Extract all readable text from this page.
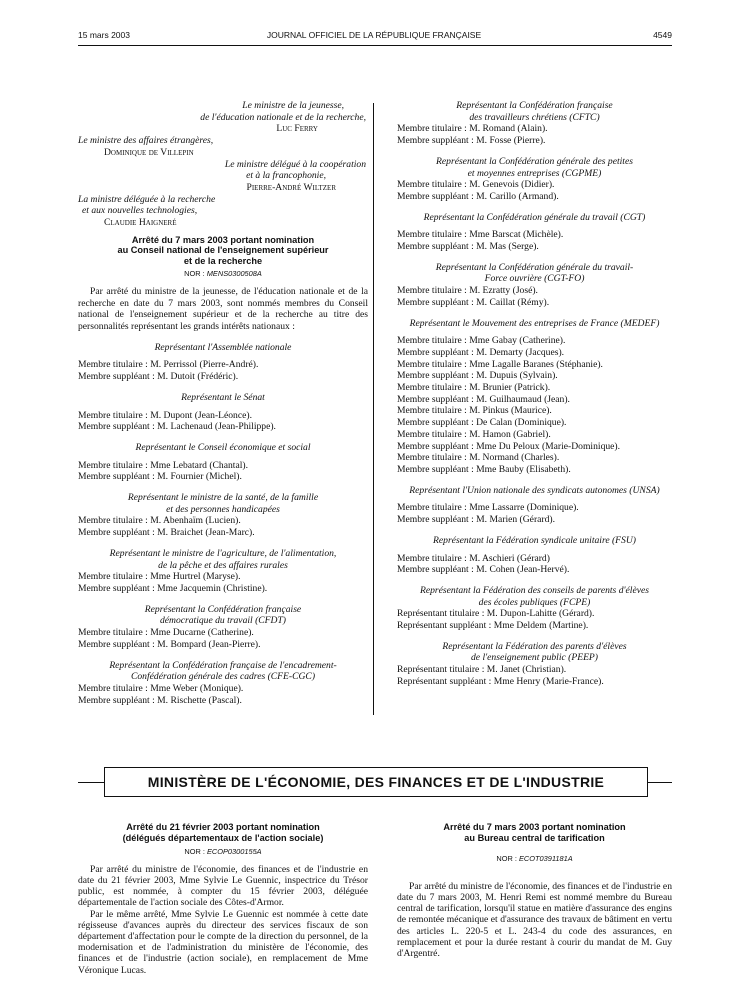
15 mars 2003	JOURNAL OFFICIEL DE LA RÉPUBLIQUE FRANÇAISE	4549

Le ministre de la jeunesse,

de l'éducation nationale et de la recherche,

Luc Ferry

Le ministre des affaires étrangères,

Dominique de Villepin

Le ministre délégué à la coopération

et à la francophonie,

Pierre-André Wiltzer

La ministre déléguée à la recherche

et aux nouvelles technologies,

Claudie Haigneré

Arrêté du 7 mars 2003 portant nomination

au Conseil national de l'enseignement supérieur

et de la recherche

NOR : MENS0300508A

Par arrêté du ministre de la jeunesse, de l'éducation nationale et de la recherche en date du 7 mars 2003, sont nommés membres du Conseil national de l'enseignement supérieur et de la recherche au titre des personnalités représentant les grands intérêts nationaux :

Représentant l'Assemblée nationale

Membre titulaire : M. Perrissol (Pierre-André).

Membre suppléant : M. Dutoit (Frédéric).

Représentant le Sénat

Membre titulaire : M. Dupont (Jean-Léonce).

Membre suppléant : M. Lachenaud (Jean-Philippe).

Représentant le Conseil économique et social

Membre titulaire : Mme Lebatard (Chantal).

Membre suppléant : M. Fournier (Michel).

Représentant le ministre de la santé, de la famille

et des personnes handicapées

Membre titulaire : M. Abenhaïm (Lucien).

Membre suppléant : M. Braichet (Jean-Marc).

Représentant le ministre de l'agriculture, de l'alimentation,

de la pêche et des affaires rurales

Membre titulaire : Mme Hurtrel (Maryse).

Membre suppléant : Mme Jacquemin (Christine).

Représentant la Confédération française

démocratique du travail (CFDT)

Membre titulaire : Mme Ducarne (Catherine).

Membre suppléant : M. Bompard (Jean-Pierre).

Représentant la Confédération française de l'encadrement-

Confédération générale des cadres (CFE-CGC)

Membre titulaire : Mme Weber (Monique).

Membre suppléant : M. Rischette (Pascal).

Représentant la Confédération française

des travailleurs chrétiens (CFTC)

Membre titulaire : M. Romand (Alain).

Membre suppléant : M. Fosse (Pierre).

Représentant la Confédération générale des petites

et moyennes entreprises (CGPME)

Membre titulaire : M. Genevois (Didier).

Membre suppléant : M. Carillo (Armand).

Représentant la Confédération générale du travail (CGT)

Membre titulaire : Mme Barscat (Michèle).

Membre suppléant : M. Mas (Serge).

Représentant la Confédération générale du travail-

Force ouvrière (CGT-FO)

Membre titulaire : M. Ezratty (José).

Membre suppléant : M. Caillat (Rémy).

Représentant le Mouvement des entreprises de France (MEDEF)

Membre titulaire : Mme Gabay (Catherine).

Membre suppléant : M. Demarty (Jacques).

Membre titulaire : Mme Lagalle Baranes (Stéphanie).

Membre suppléant : M. Dupuis (Sylvain).

Membre titulaire : M. Brunier (Patrick).

Membre suppléant : M. Guilhaumaud (Jean).

Membre titulaire : M. Pinkus (Maurice).

Membre suppléant : De Calan (Dominique).

Membre titulaire : M. Hamon (Gabriel).

Membre suppléant : Mme Du Peloux (Marie-Dominique).

Membre titulaire : M. Normand (Charles).

Membre suppléant : Mme Bauby (Elisabeth).

Représentant l'Union nationale des syndicats autonomes (UNSA)

Membre titulaire : Mme Lassarre (Dominique).

Membre suppléant : M. Marien (Gérard).

Représentant la Fédération syndicale unitaire (FSU)

Membre titulaire : M. Aschieri (Gérard)

Membre suppléant : M. Cohen (Jean-Hervé).

Représentant la Fédération des conseils de parents d'élèves

des écoles publiques (FCPE)

Représentant titulaire : M. Dupon-Lahitte (Gérard).

Représentant suppléant : Mme Deldem (Martine).

Représentant la Fédération des parents d'élèves

de l'enseignement public (PEEP)

Représentant titulaire : M. Janet (Christian).

Représentant suppléant : Mme Henry (Marie-France).

MINISTÈRE DE L'ÉCONOMIE, DES FINANCES ET DE L'INDUSTRIE

Arrêté du 21 février 2003 portant nomination

(délégués départementaux de l'action sociale)

NOR : ECOP0300155A

Par arrêté du ministre de l'économie, des finances et de l'industrie en date du 21 février 2003, Mme Sylvie Le Guennic, inspectrice du Trésor public, est nommée, à compter du 15 février 2003, déléguée départementale de l'action sociale des Côtes-d'Armor.

Par le même arrêté, Mme Sylvie Le Guennic est nommée à cette date régisseuse d'avances auprès du directeur des services fiscaux de son département d'affectation pour le compte de la direction du personnel, de la modernisation et de l'administration du ministère de l'économie, des finances et de l'industrie (action sociale), en remplacement de Mme Véronique Lucas.

Arrêté du 7 mars 2003 portant nomination

au Bureau central de tarification

NOR : ECOT0391181A

Par arrêté du ministre de l'économie, des finances et de l'industrie en date du 7 mars 2003, M. Henri Remi est nommé membre du Bureau central de tarification, lorsqu'il statue en matière d'assurance des engins de remontée mécanique et d'assurance des travaux de bâtiment en vertu des articles L. 220-5 et L. 243-4 du code des assurances, en remplacement et pour la durée restant à courir du mandat de M. Guy d'Argentré.
